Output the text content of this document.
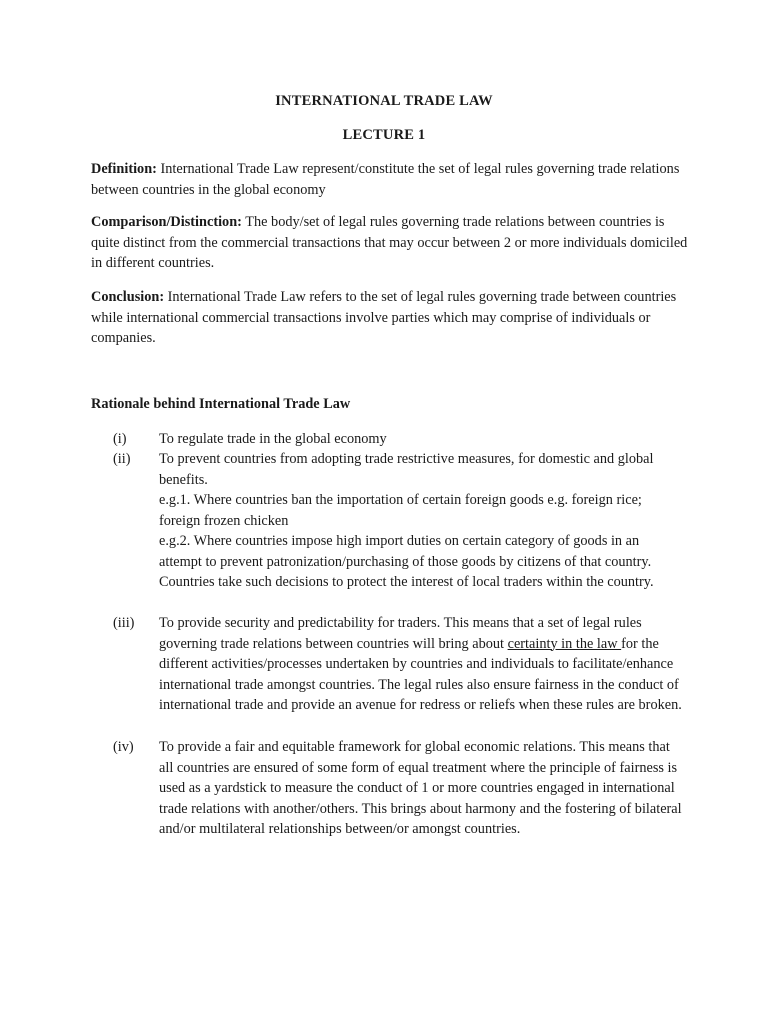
INTERNATIONAL TRADE LAW
LECTURE 1
Definition: International Trade Law represent/constitute the set of legal rules governing trade relations between countries in the global economy
Comparison/Distinction: The body/set of legal rules governing trade relations between countries is quite distinct from the commercial transactions that may occur between 2 or more individuals domiciled in different countries.
Conclusion: International Trade Law refers to the set of legal rules governing trade between countries while international commercial transactions involve parties which may comprise of individuals or companies.
Rationale behind International Trade Law
(i) To regulate trade in the global economy

(ii) To prevent countries from adopting trade restrictive measures, for domestic and global benefits.

e.g.1. Where countries ban the importation of certain foreign goods e.g. foreign rice; foreign frozen chicken

e.g.2. Where countries impose high import duties on certain category of goods in an attempt to prevent patronization/purchasing of those goods by citizens of that country. Countries take such decisions to protect the interest of local traders within the country.

(iii) To provide security and predictability for traders. This means that a set of legal rules governing trade relations between countries will bring about certainty in the law for the different activities/processes undertaken by countries and individuals to facilitate/enhance international trade amongst countries. The legal rules also ensure fairness in the conduct of international trade and provide an avenue for redress or reliefs when these rules are broken.

(iv) To provide a fair and equitable framework for global economic relations. This means that all countries are ensured of some form of equal treatment where the principle of fairness is used as a yardstick to measure the conduct of 1 or more countries engaged in international trade relations with another/others. This brings about harmony and the fostering of bilateral and/or multilateral relationships between/or amongst countries.
